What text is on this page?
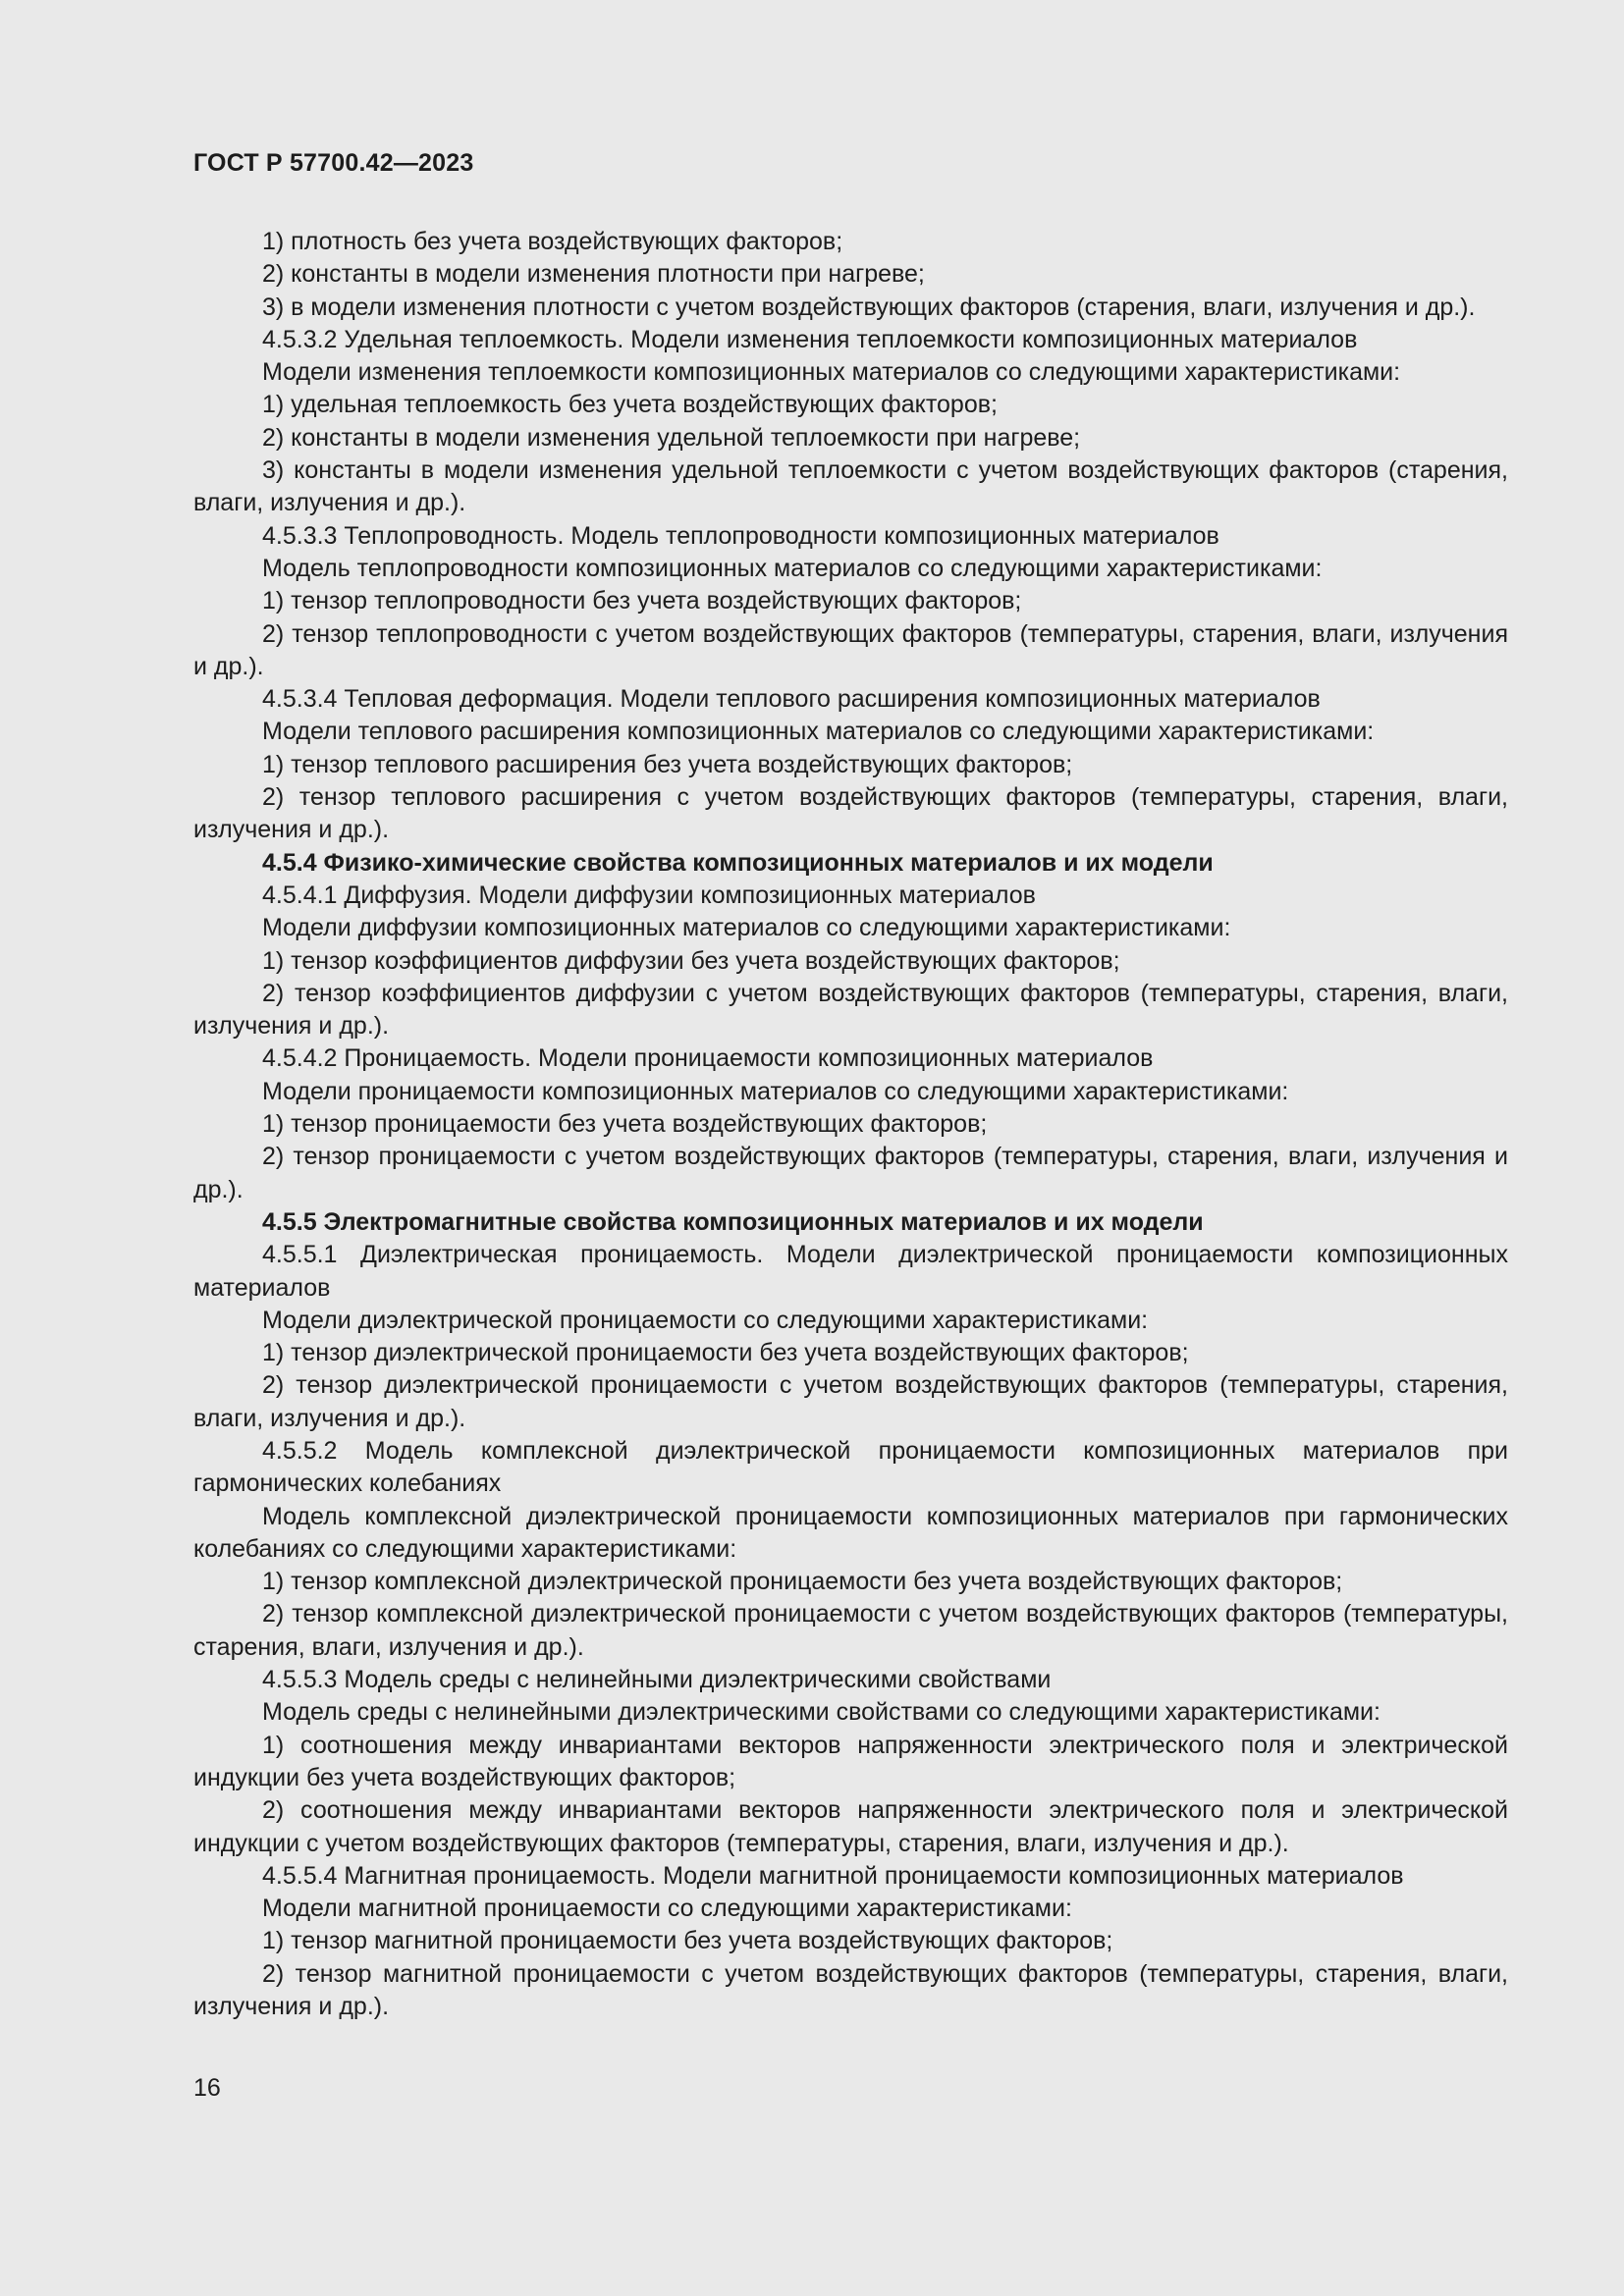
ГОСТ Р 57700.42—2023

1) плотность без учета воздействующих факторов;

2) константы в модели изменения плотности при нагреве;

3) в модели изменения плотности с учетом воздействующих факторов (старения, влаги, излучения и др.).

4.5.3.2 Удельная теплоемкость. Модели изменения теплоемкости композиционных материалов

Модели изменения теплоемкости композиционных материалов со следующими характеристиками:

1) удельная теплоемкость без учета воздействующих факторов;

2) константы в модели изменения удельной теплоемкости при нагреве;

3) константы в модели изменения удельной теплоемкости с учетом воздействующих факторов (старения, влаги, излучения и др.).

4.5.3.3 Теплопроводность. Модель теплопроводности композиционных материалов

Модель теплопроводности композиционных материалов со следующими характеристиками:

1) тензор теплопроводности без учета воздействующих факторов;

2) тензор теплопроводности с учетом воздействующих факторов (температуры, старения, влаги, излучения и др.).

4.5.3.4 Тепловая деформация. Модели теплового расширения композиционных материалов

Модели теплового расширения композиционных материалов со следующими характеристиками:

1) тензор теплового расширения без учета воздействующих факторов;

2) тензор теплового расширения с учетом воздействующих факторов (температуры, старения, влаги, излучения и др.).

4.5.4 Физико-химические свойства композиционных материалов и их модели

4.5.4.1 Диффузия. Модели диффузии композиционных материалов

Модели диффузии композиционных материалов со следующими характеристиками:

1) тензор коэффициентов диффузии без учета воздействующих факторов;

2) тензор коэффициентов диффузии с учетом воздействующих факторов (температуры, старения, влаги, излучения и др.).

4.5.4.2 Проницаемость. Модели проницаемости композиционных материалов

Модели проницаемости композиционных материалов со следующими характеристиками:

1) тензор проницаемости без учета воздействующих факторов;

2) тензор проницаемости с учетом воздействующих факторов (температуры, старения, влаги, излучения и др.).

4.5.5 Электромагнитные свойства композиционных материалов и их модели

4.5.5.1 Диэлектрическая проницаемость. Модели диэлектрической проницаемости композиционных материалов

Модели диэлектрической проницаемости со следующими характеристиками:

1) тензор диэлектрической проницаемости без учета воздействующих факторов;

2) тензор диэлектрической проницаемости с учетом воздействующих факторов (температуры, старения, влаги, излучения и др.).

4.5.5.2 Модель комплексной диэлектрической проницаемости композиционных материалов при гармонических колебаниях

Модель комплексной диэлектрической проницаемости композиционных материалов при гармонических колебаниях со следующими характеристиками:

1) тензор комплексной диэлектрической проницаемости без учета воздействующих факторов;

2) тензор комплексной диэлектрической проницаемости с учетом воздействующих факторов (температуры, старения, влаги, излучения и др.).

4.5.5.3 Модель среды с нелинейными диэлектрическими свойствами

Модель среды с нелинейными диэлектрическими свойствами со следующими характеристиками:

1) соотношения между инвариантами векторов напряженности электрического поля и электрической индукции без учета воздействующих факторов;

2) соотношения между инвариантами векторов напряженности электрического поля и электрической индукции с учетом воздействующих факторов (температуры, старения, влаги, излучения и др.).

4.5.5.4 Магнитная проницаемость. Модели магнитной проницаемости композиционных материалов

Модели магнитной проницаемости со следующими характеристиками:

1) тензор магнитной проницаемости без учета воздействующих факторов;

2) тензор магнитной проницаемости с учетом воздействующих факторов (температуры, старения, влаги, излучения и др.).

16
